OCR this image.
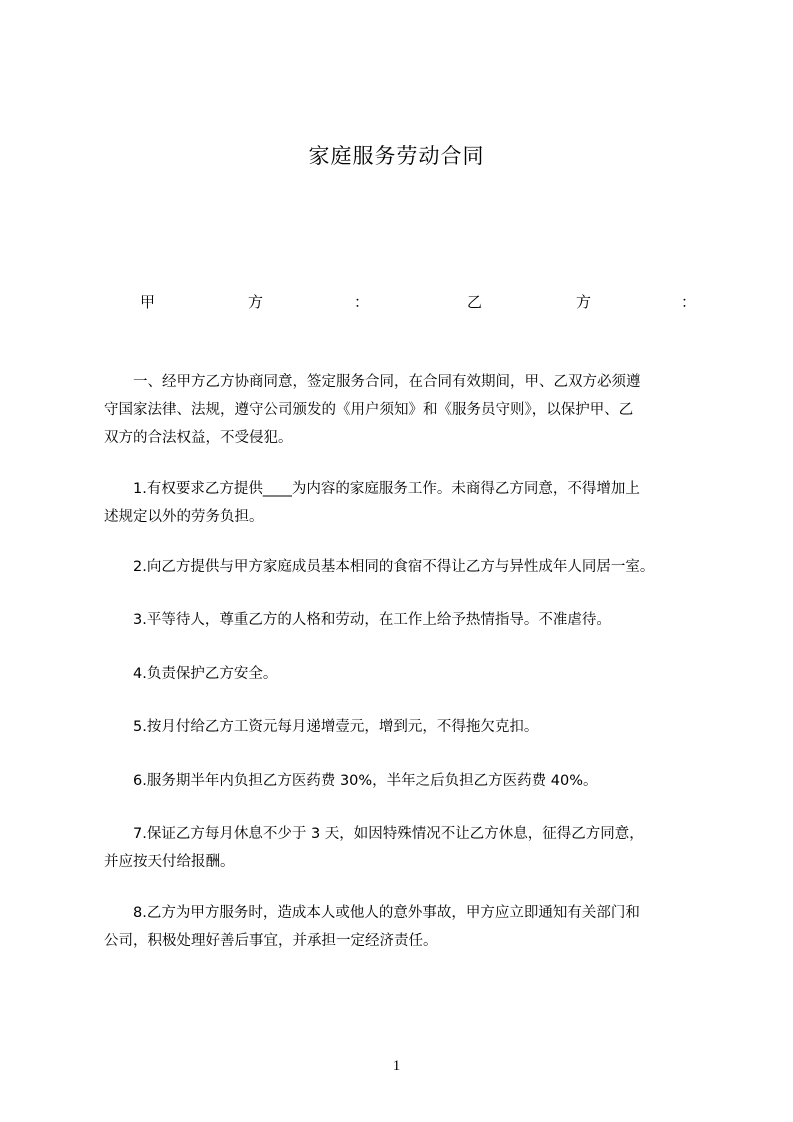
家庭服务劳动合同
甲	方	：	乙	方	：
　　一、经甲方乙方协商同意，签定服务合同，在合同有效期间，甲、乙双方必须遵
守国家法律、法规，遵守公司颁发的《用户须知》和《服务员守则》，以保护甲、乙
双方的合法权益，不受侵犯。
　　1.有权要求乙方提供____为内容的家庭服务工作。未商得乙方同意，不得增加上
述规定以外的劳务负担。
　　2.向乙方提供与甲方家庭成员基本相同的食宿不得让乙方与异性成年人同居一室。
　　3.平等待人，尊重乙方的人格和劳动，在工作上给予热情指导。不准虐待。
　　4.负责保护乙方安全。
　　5.按月付给乙方工资元每月递增壹元，增到元，不得拖欠克扣。
　　6.服务期半年内负担乙方医药费 30%，半年之后负担乙方医药费 40%。
　　7.保证乙方每月休息不少于 3 天，如因特殊情况不让乙方休息，征得乙方同意，
并应按天付给报酬。
　　8.乙方为甲方服务时，造成本人或他人的意外事故，甲方应立即通知有关部门和
公司，积极处理好善后事宜，并承担一定经济责任。
1
